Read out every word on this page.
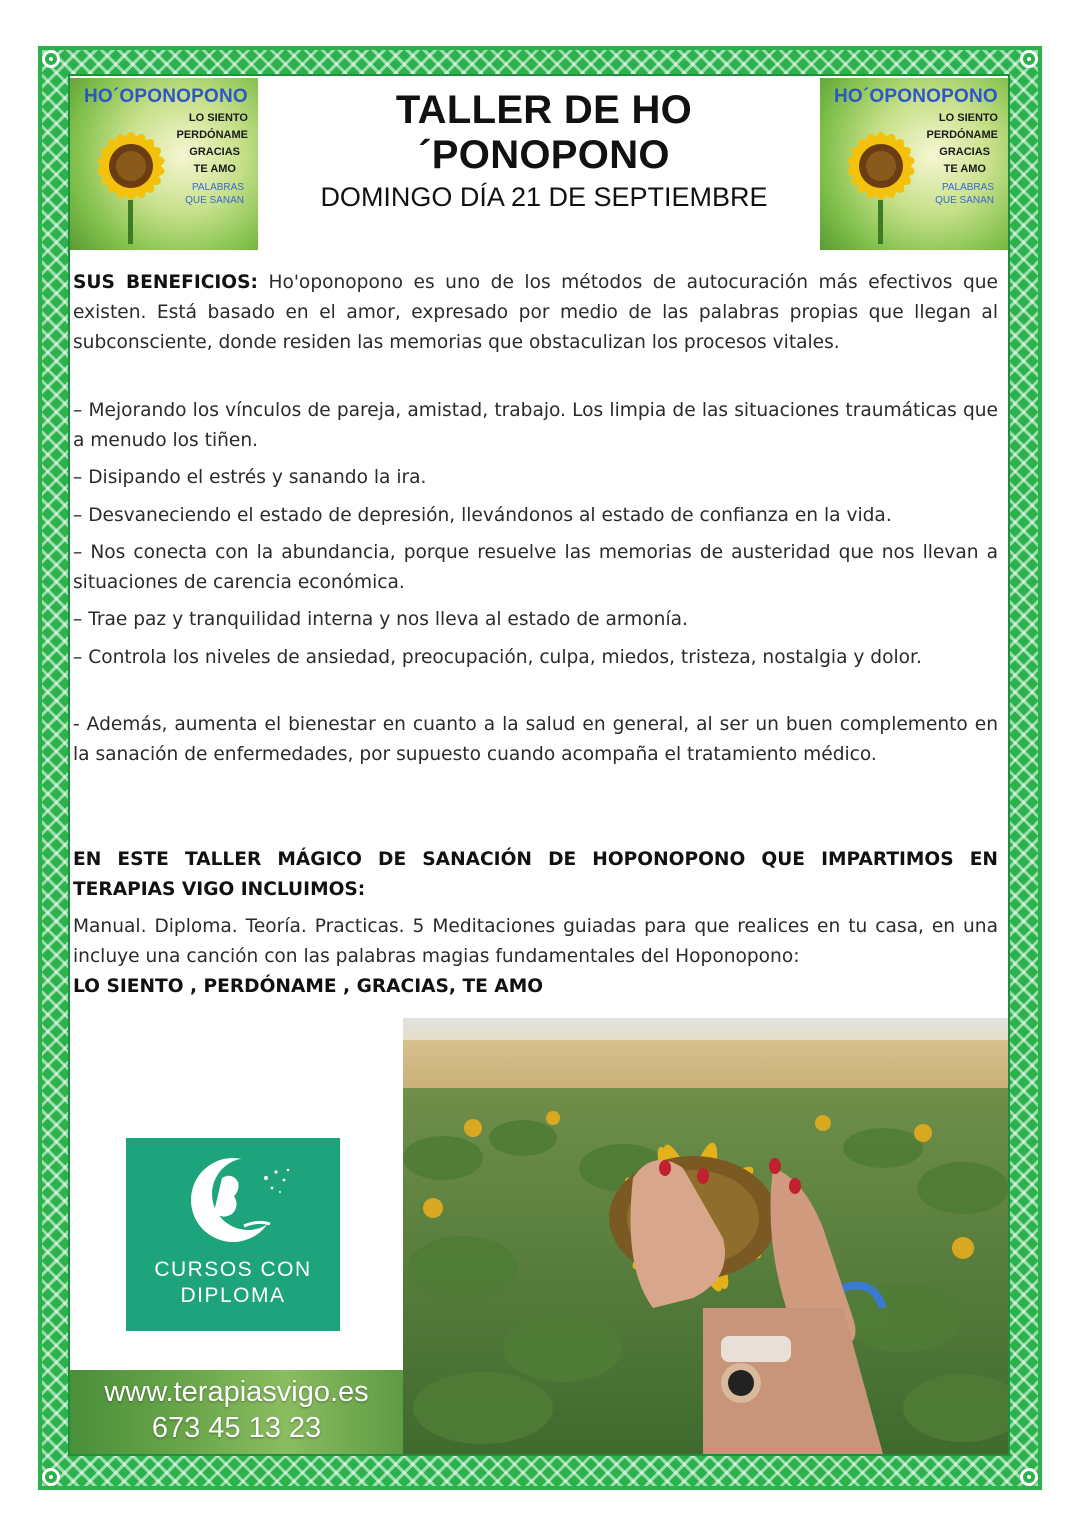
HO´OPONOPONO
LO SIENTO
PERDÓNAME
GRACIAS
TE AMO
PALABRAS
QUE SANAN
HO´OPONOPONO
LO SIENTO
PERDÓNAME
GRACIAS
TE AMO
PALABRAS
QUE SANAN
TALLER DE HO´PONOPONO
DOMINGO DÍA 21 DE SEPTIEMBRE

SUS BENEFICIOS: Ho'oponopono es uno de los métodos de autocuración más efectivos que existen. Está basado en el amor, expresado por medio de las palabras propias que llegan al subconsciente, donde residen las memorias que obstaculizan los procesos vitales.

– Mejorando los vínculos de pareja, amistad, trabajo. Los limpia de las situaciones traumáticas que a menudo los tiñen.

– Disipando el estrés y sanando la ira.

– Desvaneciendo el estado de depresión, llevándonos al estado de confianza en la vida.

– Nos conecta con la abundancia, porque resuelve las memorias de austeridad que nos llevan a situaciones de carencia económica.

– Trae paz y tranquilidad interna y nos lleva al estado de armonía.

– Controla los niveles de ansiedad, preocupación, culpa, miedos, tristeza, nostalgia y dolor.

- Además, aumenta el bienestar en cuanto a la salud en general, al ser un buen complemento en la sanación de enfermedades, por supuesto cuando acompaña el tratamiento médico.

EN ESTE TALLER MÁGICO DE SANACIÓN DE HOPONOPONO QUE IMPARTIMOS EN TERAPIAS VIGO INCLUIMOS:

Manual. Diploma. Teoría. Practicas. 5 Meditaciones guiadas para que realices en tu casa, en una incluye una canción con las palabras magias fundamentales del Hoponopono:

LO SIENTO , PERDÓNAME , GRACIAS, TE AMO

CURSOS CON
DIPLOMA
www.terapiasvigo.es
673 45 13 23
